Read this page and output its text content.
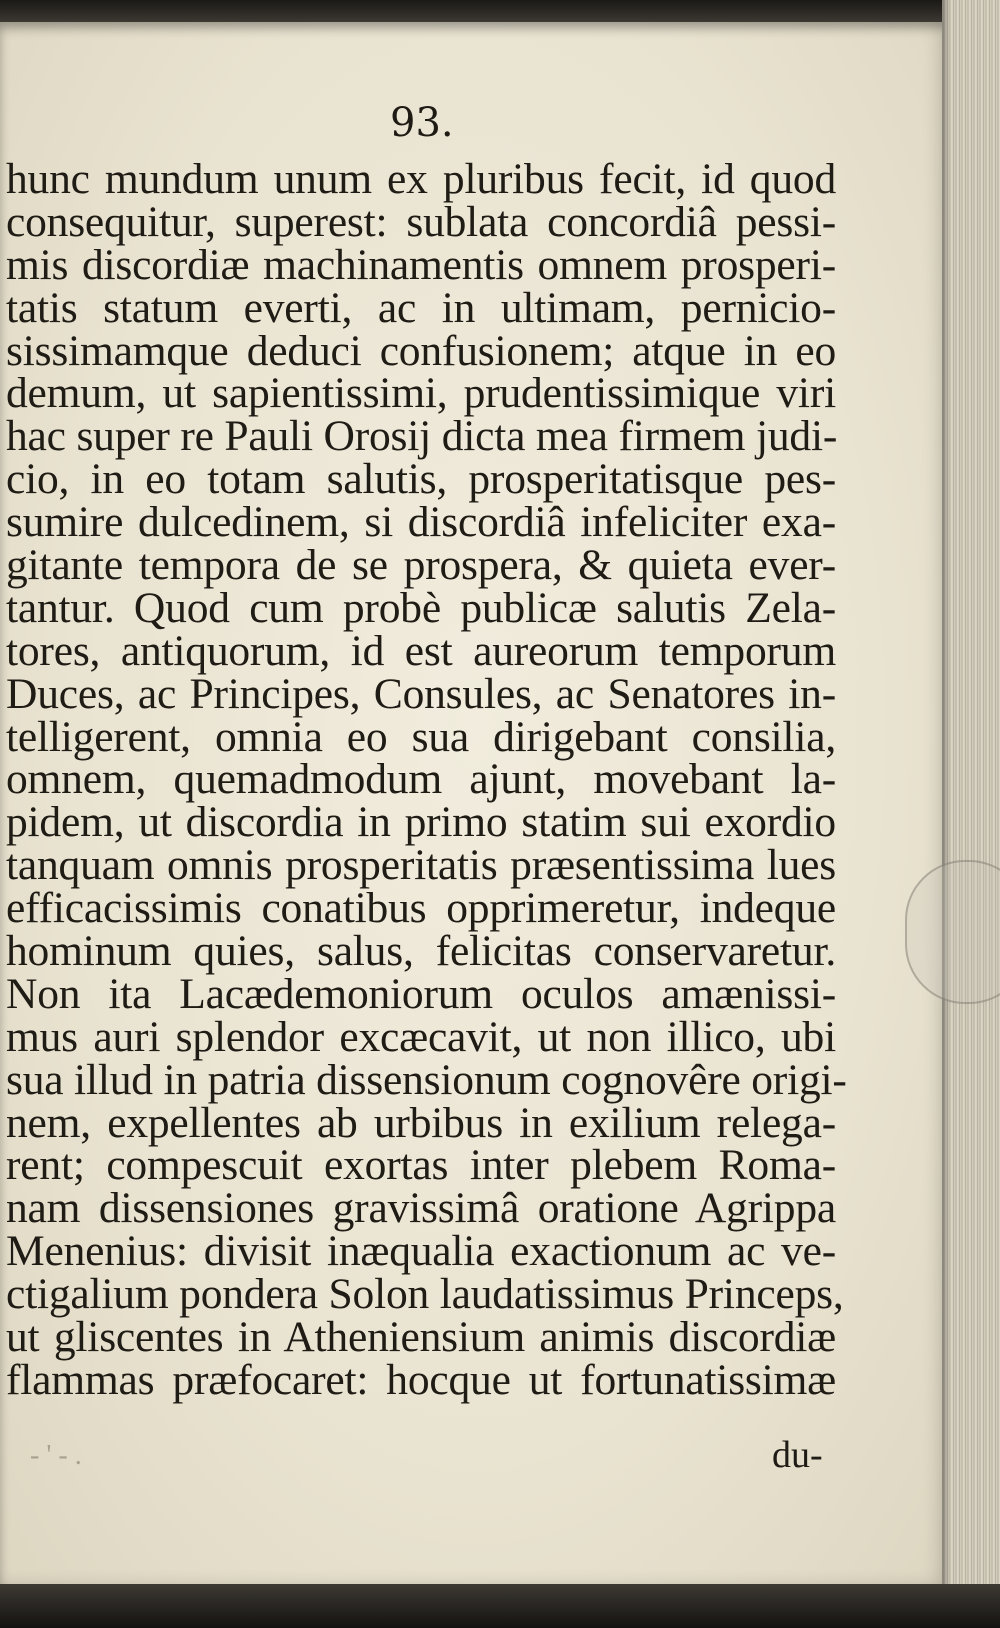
- ' - .

93.

hunc mundum unum ex pluribus fecit, id quod
consequitur, superest: sublata concordiâ pessi-
mis discordiæ machinamentis omnem prosperi-
tatis statum everti, ac in ultimam, pernicio-
sissimamque deduci confusionem; atque in eo
demum, ut sapientissimi, prudentissimique viri
hac super re Pauli Orosij dicta mea firmem judi-
cio, in eo totam salutis, prosperitatisque pes-
sumire dulcedinem, si discordiâ infeliciter exa-
gitante tempora de se prospera, & quieta ever-
tantur. Quod cum probè publicæ salutis Zela-
tores, antiquorum, id est aureorum temporum
Duces, ac Principes, Consules, ac Senatores in-
telligerent, omnia eo sua dirigebant consilia,
omnem, quemadmodum ajunt, movebant la-
pidem, ut discordia in primo statim sui exordio
tanquam omnis prosperitatis præsentissima lues
efficacissimis conatibus opprimeretur, indeque
hominum quies, salus, felicitas conservaretur.
Non ita Lacædemoniorum oculos amænissi-
mus auri splendor excæcavit, ut non illico, ubi
sua illud in patria dissensionum cognovêre origi-
nem, expellentes ab urbibus in exilium relega-
rent; compescuit exortas inter plebem Roma-
nam dissensiones gravissimâ oratione Agrippa
Menenius: divisit inæqualia exactionum ac ve-
ctigalium pondera Solon laudatissimus Princeps,
ut gliscentes in Atheniensium animis discordiæ
flammas præfocaret: hocque ut fortunatissimæ
du-
